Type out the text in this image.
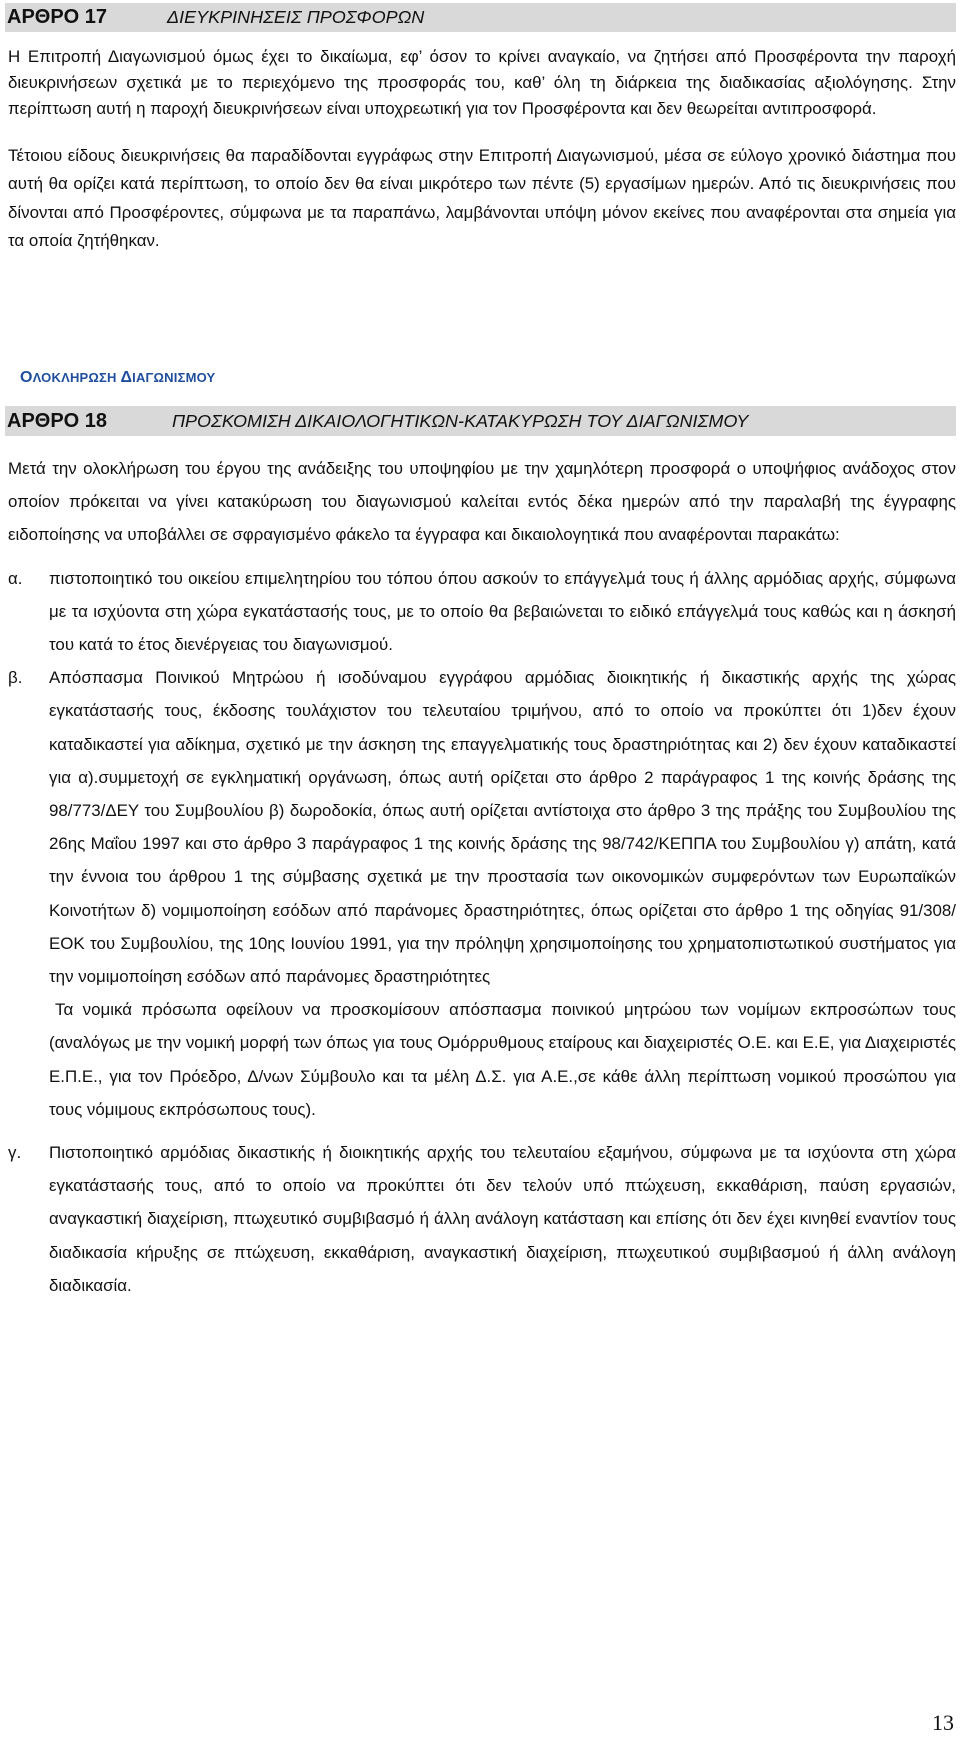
ΑΡΘΡΟ 17	ΔΙΕΥΚΡΙΝΗΣΕΙΣ ΠΡΟΣΦΟΡΩΝ

Η Επιτροπή Διαγωνισμού όμως έχει το δικαίωμα, εφ’ όσον το κρίνει αναγκαίο, να ζητήσει από Προσφέροντα την παροχή διευκρινήσεων σχετικά με το περιεχόμενο της προσφοράς του, καθ’ όλη τη διάρκεια της διαδικασίας αξιολόγησης. Στην περίπτωση αυτή η παροχή διευκρινήσεων είναι υποχρεωτική για τον Προσφέροντα και δεν θεωρείται αντιπροσφορά.

Τέτοιου είδους διευκρινήσεις θα παραδίδονται εγγράφως στην Επιτροπή Διαγωνισμού, μέσα σε εύλογο χρονικό διάστημα που αυτή θα ορίζει κατά περίπτωση, το οποίο δεν θα είναι μικρότερο των πέντε (5) εργασίμων ημερών. Από τις διευκρινήσεις που δίνονται από Προσφέροντες, σύμφωνα με τα παραπάνω, λαμβάνονται υπόψη μόνον εκείνες που αναφέρονται στα σημεία για τα οποία ζητήθηκαν.

ΟΛΟΚΛΗΡΩΣΗ ΔΙΑΓΩΝΙΣΜΟΥ
ΑΡΘΡΟ 18	ΠΡΟΣΚΟΜΙΣΗ ΔΙΚΑΙΟΛΟΓΗΤΙΚΩΝ-ΚΑΤΑΚΥΡΩΣΗ ΤΟΥ ΔΙΑΓΩΝΙΣΜΟΥ

Μετά την ολοκλήρωση του έργου της ανάδειξης του υποψηφίου με την χαμηλότερη προσφορά ο υποψήφιος ανάδοχος στον οποίον πρόκειται να γίνει κατακύρωση του διαγωνισμού καλείται εντός δέκα ημερών από την παραλαβή της έγγραφης ειδοποίησης να υποβάλλει σε σφραγισμένο φάκελο τα έγγραφα και δικαιολογητικά που αναφέρονται παρακάτω:

α. πιστοποιητικό του οικείου επιμελητηρίου του τόπου όπου ασκούν το επάγγελμά τους ή άλλης αρμόδιας αρχής, σύμφωνα με τα ισχύοντα στη χώρα εγκατάστασής τους, με το οποίο θα βεβαιώνεται το ειδικό επάγγελμά τους καθώς και η άσκησή του κατά το έτος διενέργειας του διαγωνισμού.
β. Απόσπασμα Ποινικού Μητρώου ή ισοδύναμου εγγράφου αρμόδιας διοικητικής ή δικαστικής αρχής της χώρας εγκατάστασής τους, έκδοσης τουλάχιστον του τελευταίου τριμήνου, από το οποίο να προκύπτει ότι 1)δεν έχουν καταδικαστεί για αδίκημα, σχετικό με την άσκηση της επαγγελματικής τους δραστηριότητας και 2) δεν έχουν καταδικαστεί για α).συμμετοχή σε εγκληματική οργάνωση, όπως αυτή ορίζεται στο άρθρο 2 παράγραφος 1 της κοινής δράσης της 98/773/ΔΕΥ του Συμβουλίου β) δωροδοκία, όπως αυτή ορίζεται αντίστοιχα στο άρθρο 3 της πράξης του Συμβουλίου της 26ης Μαΐου 1997 και στο άρθρο 3 παράγραφος 1 της κοινής δράσης της 98/742/ΚΕΠΠΑ του Συμβουλίου γ) απάτη, κατά την έννοια του άρθρου 1 της σύμβασης σχετικά με την προστασία των οικονομικών συμφερόντων των Ευρωπαϊκών Κοινοτήτων δ) νομιμοποίηση εσόδων από παράνομες δραστηριότητες, όπως ορίζεται στο άρθρο 1 της οδηγίας 91/308/ΕΟΚ του Συμβουλίου, της 10ης Ιουνίου 1991, για την πρόληψη χρησιμοποίησης του χρηματοπιστωτικού συστήματος για την νομιμοποίηση εσόδων από παράνομες δραστηριότητες

Τα νομικά πρόσωπα οφείλουν να προσκομίσουν απόσπασμα ποινικού μητρώου των νομίμων εκπροσώπων τους (αναλόγως με την νομική μορφή των όπως για τους Ομόρρυθμους εταίρους και διαχειριστές Ο.Ε. και Ε.Ε, για Διαχειριστές Ε.Π.Ε., για τον Πρόεδρο, Δ/νων Σύμβουλο και τα μέλη Δ.Σ. για Α.Ε.,σε κάθε άλλη περίπτωση νομικού προσώπου για τους νόμιμους εκπρόσωπους τους).

γ. Πιστοποιητικό αρμόδιας δικαστικής ή διοικητικής αρχής του τελευταίου εξαμήνου, σύμφωνα με τα ισχύοντα στη χώρα εγκατάστασής τους, από το οποίο να προκύπτει ότι δεν τελούν υπό πτώχευση, εκκαθάριση, παύση εργασιών, αναγκαστική διαχείριση, πτωχευτικό συμβιβασμό ή άλλη ανάλογη κατάσταση και επίσης ότι δεν έχει κινηθεί εναντίον τους διαδικασία κήρυξης σε πτώχευση, εκκαθάριση, αναγκαστική διαχείριση, πτωχευτικού συμβιβασμού ή άλλη ανάλογη διαδικασία.
13
